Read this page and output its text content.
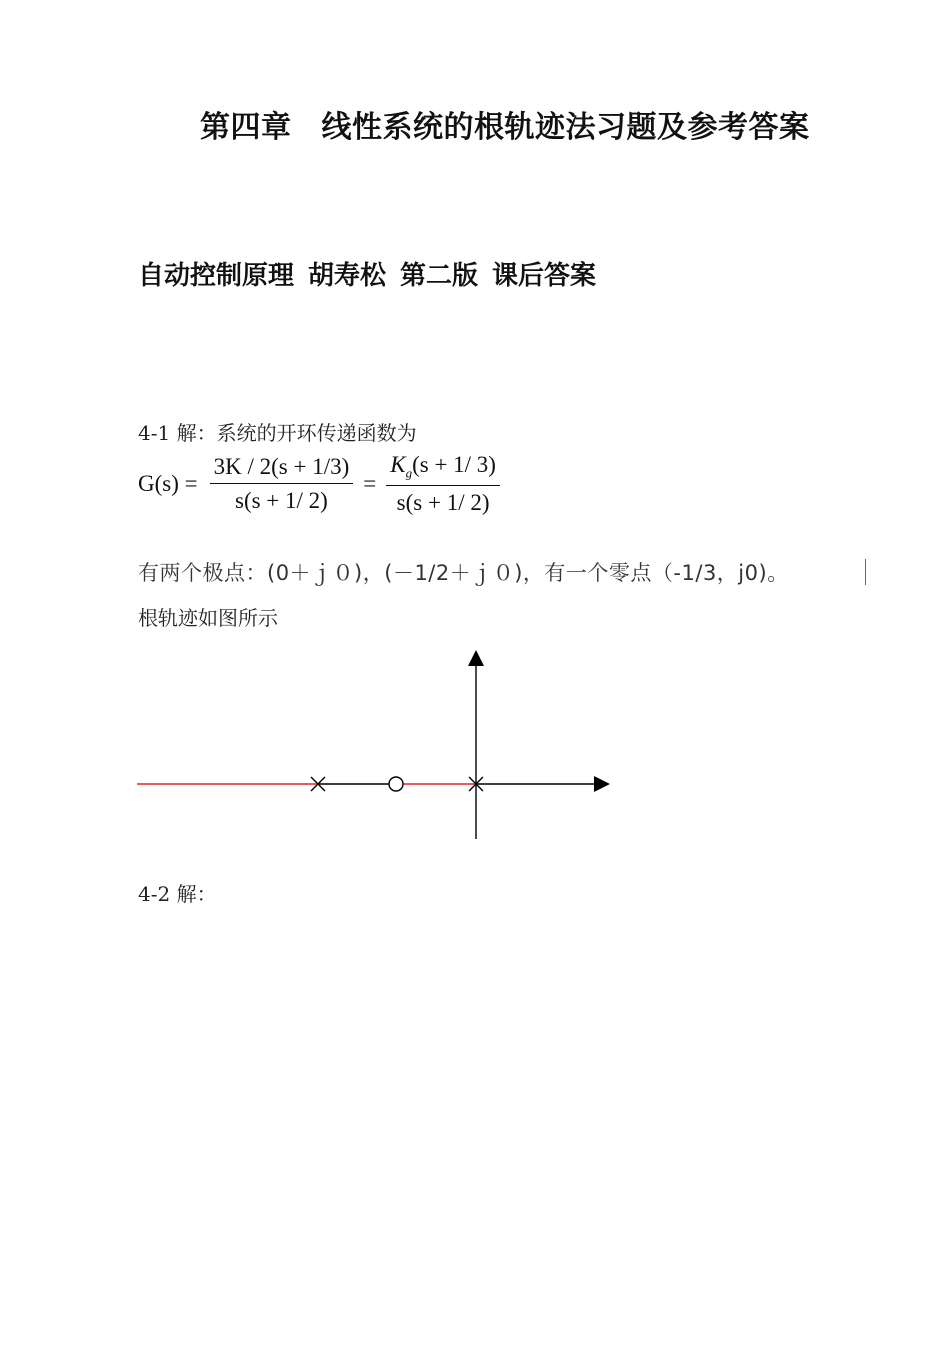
第四章 线性系统的根轨迹法习题及参考答案
自动控制原理 胡寿松 第二版 课后答案
4-1 解：系统的开环传递函数为
$G(s) = \frac{3K / 2(s + 1/3)}{s(s + 1/ 2)} = \frac{K_g(s + 1/ 3)}{s(s + 1/ 2)}$
有两个极点：(0＋ｊ０)，(－1/2＋ｊ０)，有一个零点（-1/3，j0)。
根轨迹如图所示
4-2 解：
